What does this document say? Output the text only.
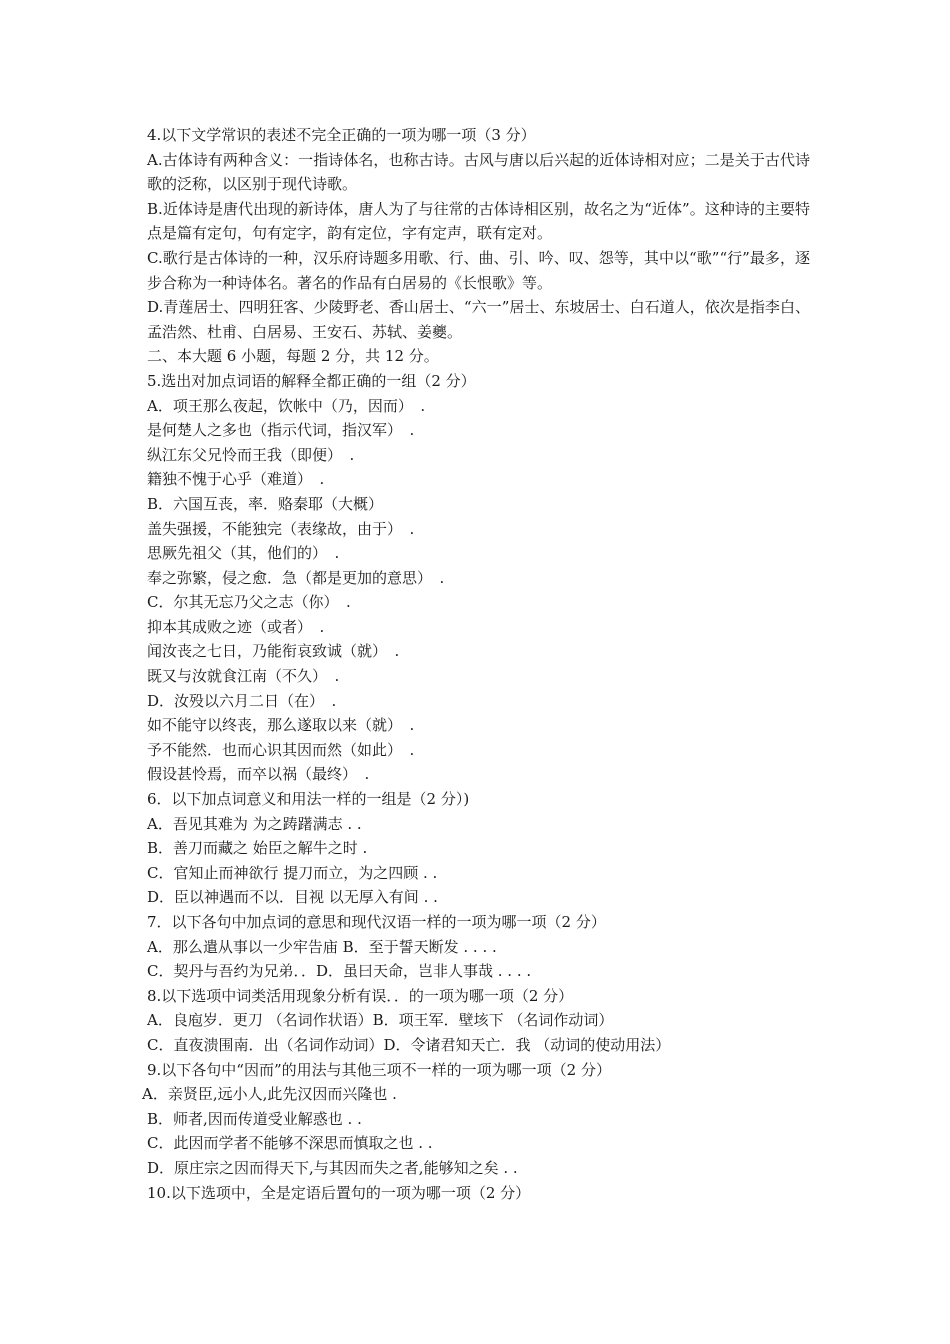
4.以下文学常识的表述不完全正确的一项为哪一项（3 分）
A.古体诗有两种含义：一指诗体名，也称古诗。古风与唐以后兴起的近体诗相对应；二是关于古代诗歌的泛称，以区别于现代诗歌。
B.近体诗是唐代出现的新诗体，唐人为了与往常的古体诗相区别，故名之为“近体”。这种诗的主要特点是篇有定句，句有定字，韵有定位，字有定声，联有定对。
C.歌行是古体诗的一种，汉乐府诗题多用歌、行、曲、引、吟、叹、怨等，其中以“歌”“行”最多，逐步合称为一种诗体名。著名的作品有白居易的《长恨歌》等。
D.青莲居士、四明狂客、少陵野老、香山居士、“六一”居士、东坡居士、白石道人，依次是指李白、孟浩然、杜甫、白居易、王安石、苏轼、姜夔。
二、本大题 6 小题，每题 2 分，共 12 分。
5.选出对加点词语的解释全都正确的一组（2 分）
A．项王那么夜起，饮帐中（乃，因而）　.
是何楚人之多也（指示代词，指汉军）　.
纵江东父兄怜而王我（即便）　.
籍独不愧于心乎（难道）　.
B．六国互丧，率．赂秦耶（大概）
盖失强援，不能独完（表缘故，由于）　.
思厥先祖父（其，他们的）　.
奉之弥繁，侵之愈．急（都是更加的意思）　.
C．尔其无忘乃父之志（你）　.
抑本其成败之迹（或者）　.
闻汝丧之七日，乃能衔哀致诚（就）　.
既又与汝就食江南（不久）　.
D．汝殁以六月二日（在）　.
如不能守以终丧，那么遂取以来（就）　.
予不能然．也而心识其因而然（如此）　.
假设甚怜焉，而卒以祸（最终）　.
6．以下加点词意义和用法一样的一组是（2 分）)
A．吾见其难为 为之踌躇满志 . .
B．善刀而藏之 始臣之解牛之时 .
C．官知止而神欲行 提刀而立，为之四顾 . .
D．臣以神遇而不以．目视 以无厚入有间 . .
7．以下各句中加点词的意思和现代汉语一样的一项为哪一项（2 分）
A．那么遣从事以一少牢告庙 B．至于誓天断发 . . . .
C．契丹与吾约为兄弟．．D．虽曰天命，岂非人事哉 . . . .
8.以下选项中词类活用现象分析有误．．的一项为哪一项（2 分）
A．良庖岁．更刀 （名词作状语）B．项王军．壁垓下 （名词作动词）
C．直夜溃围南．出（名词作动词）D．令诸君知天亡．我 （动词的使动用法）
9.以下各句中“因而”的用法与其他三项不一样的一项为哪一项（2 分）
A．亲贤臣,远小人,此先汉因而兴隆也 .
B．师者,因而传道受业解惑也 . .
C．此因而学者不能够不深思而慎取之也 . .
D．原庄宗之因而得天下,与其因而失之者,能够知之矣 . .
10.以下选项中，全是定语后置句的一项为哪一项（2 分）
